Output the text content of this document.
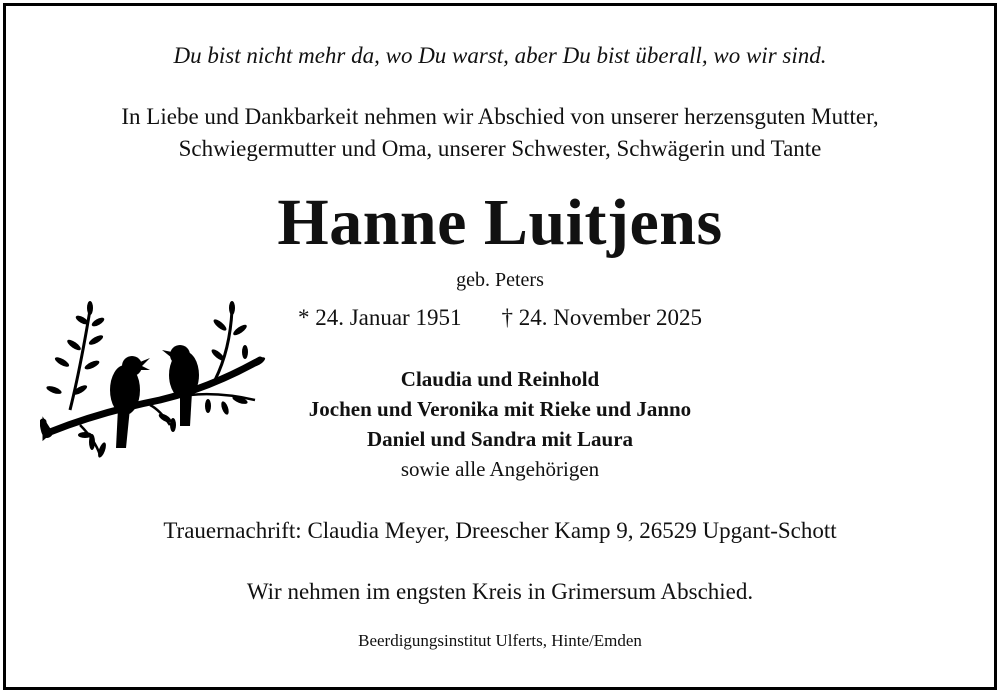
Du bist nicht mehr da, wo Du warst, aber Du bist überall, wo wir sind.
In Liebe und Dankbarkeit nehmen wir Abschied von unserer herzensguten Mutter,
Schwiegermutter und Oma, unserer Schwester, Schwägerin und Tante
Hanne Luitjens
geb. Peters
* 24. Januar 1951 † 24. November 2025
Claudia und Reinhold
Jochen und Veronika mit Rieke und Janno
Daniel und Sandra mit Laura
sowie alle Angehörigen
Trauernachrift: Claudia Meyer, Dreescher Kamp 9, 26529 Upgant-Schott
Wir nehmen im engsten Kreis in Grimersum Abschied.
Beerdigungsinstitut Ulferts, Hinte/Emden
